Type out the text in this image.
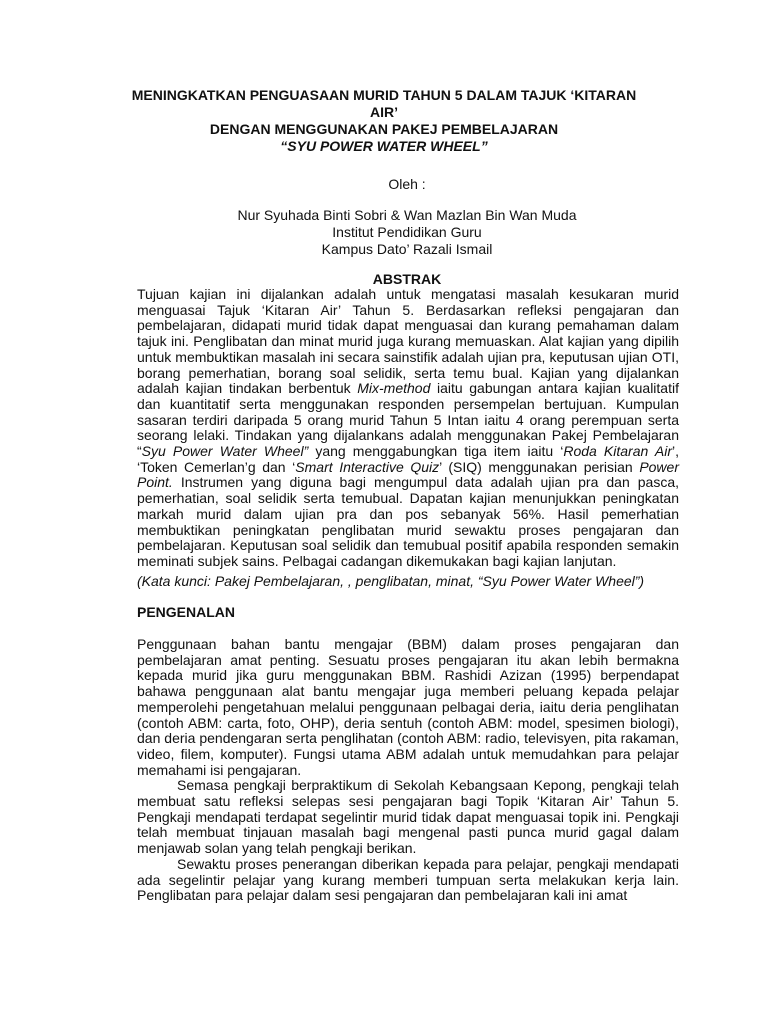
MENINGKATKAN PENGUASAAN MURID TAHUN 5 DALAM TAJUK ‘KITARAN AIR’
DENGAN MENGGUNAKAN PAKEJ PEMBELAJARAN
“SYU POWER WATER WHEEL”
Oleh :
Nur Syuhada Binti Sobri & Wan Mazlan Bin Wan Muda
Institut Pendidikan Guru
Kampus Dato’ Razali Ismail
ABSTRAK

Tujuan kajian ini dijalankan adalah untuk mengatasi masalah kesukaran murid menguasai Tajuk ‘Kitaran Air’ Tahun 5. Berdasarkan refleksi pengajaran dan pembelajaran, didapati murid tidak dapat menguasai dan kurang pemahaman dalam tajuk ini. Penglibatan dan minat murid juga kurang memuaskan. Alat kajian yang dipilih untuk membuktikan masalah ini secara sainstifik adalah ujian pra, keputusan ujian OTI, borang pemerhatian, borang soal selidik, serta temu bual. Kajian yang dijalankan adalah kajian tindakan berbentuk Mix-method iaitu gabungan antara kajian kualitatif dan kuantitatif serta menggunakan responden persempelan bertujuan. Kumpulan sasaran terdiri daripada 5 orang murid Tahun 5 Intan iaitu 4 orang perempuan serta seorang lelaki. Tindakan yang dijalankans adalah menggunakan Pakej Pembelajaran “Syu Power Water Wheel” yang menggabungkan tiga item iaitu ‘Roda Kitaran Air’, ‘Token Cemerlan’g dan ‘Smart Interactive Quiz’ (SIQ) menggunakan perisian Power Point. Instrumen yang diguna bagi mengumpul data adalah ujian pra dan pasca, pemerhatian, soal selidik serta temubual. Dapatan kajian menunjukkan peningkatan markah murid dalam ujian pra dan pos sebanyak 56%. Hasil pemerhatian membuktikan peningkatan penglibatan murid sewaktu proses pengajaran dan pembelajaran. Keputusan soal selidik dan temubual positif apabila responden semakin meminati subjek sains. Pelbagai cadangan dikemukakan bagi kajian lanjutan.

(Kata kunci: Pakej Pembelajaran, , penglibatan, minat, “Syu Power Water Wheel”)
PENGENALAN

Penggunaan bahan bantu mengajar (BBM) dalam proses pengajaran dan pembelajaran amat penting. Sesuatu proses pengajaran itu akan lebih bermakna kepada murid jika guru menggunakan BBM. Rashidi Azizan (1995) berpendapat bahawa penggunaan alat bantu mengajar juga memberi peluang kepada pelajar memperolehi pengetahuan melalui penggunaan pelbagai deria, iaitu deria penglihatan (contoh ABM: carta, foto, OHP), deria sentuh (contoh ABM: model, spesimen biologi), dan deria pendengaran serta penglihatan (contoh ABM: radio, televisyen, pita rakaman, video, filem, komputer). Fungsi utama ABM adalah untuk memudahkan para pelajar memahami isi pengajaran.

Semasa pengkaji berpraktikum di Sekolah Kebangsaan Kepong, pengkaji telah membuat satu refleksi selepas sesi pengajaran bagi Topik ‘Kitaran Air’ Tahun 5. Pengkaji mendapati terdapat segelintir murid tidak dapat menguasai topik ini. Pengkaji telah membuat tinjauan masalah bagi mengenal pasti punca murid gagal dalam menjawab solan yang telah pengkaji berikan.

Sewaktu proses penerangan diberikan kepada para pelajar, pengkaji mendapati ada segelintir pelajar yang kurang memberi tumpuan serta melakukan kerja lain. Penglibatan para pelajar dalam sesi pengajaran dan pembelajaran kali ini amat
